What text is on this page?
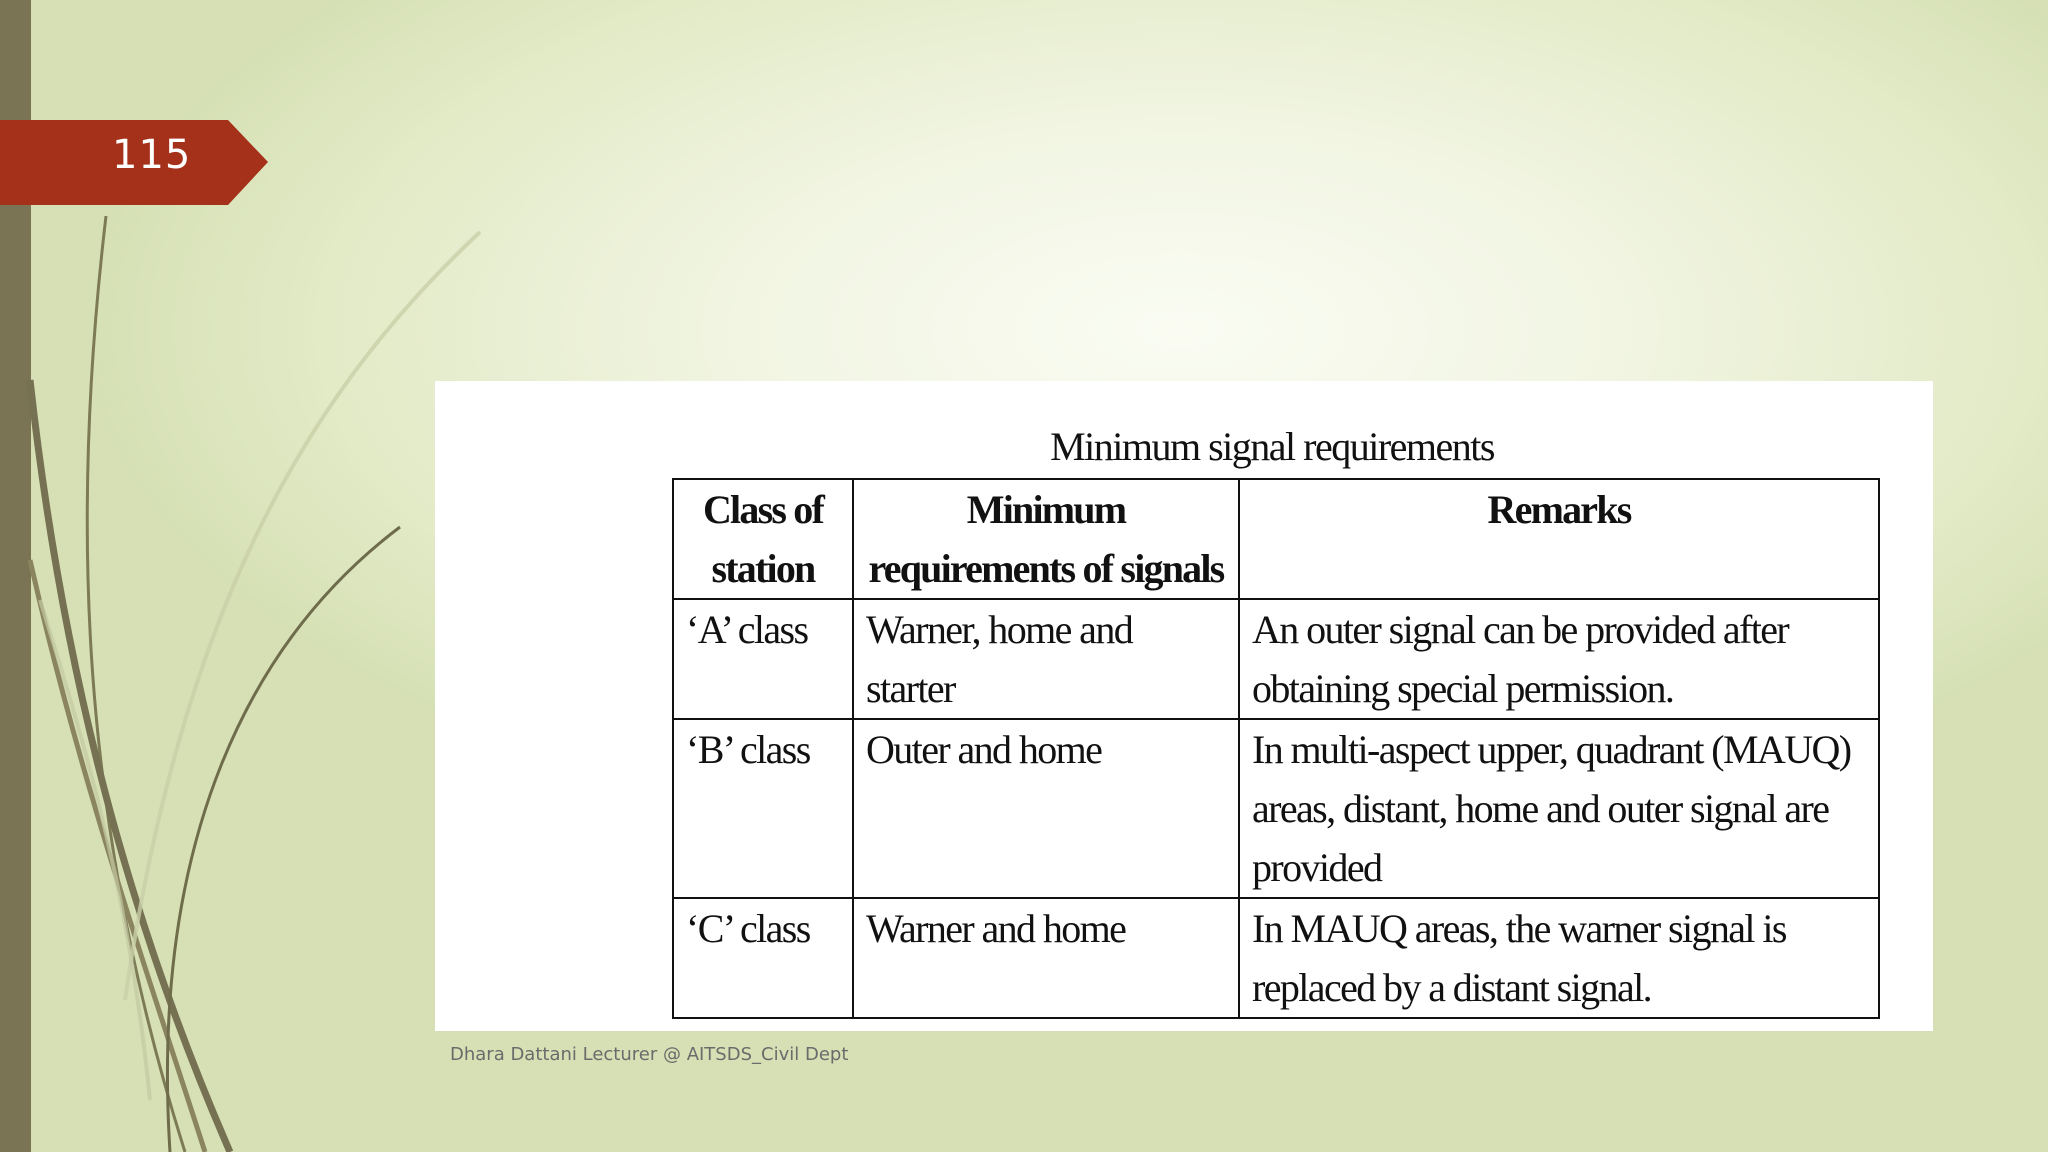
115
Minimum signal requirements
Class of station	Minimum requirements of signals	Remarks
‘A’ class	Warner, home and starter	An outer signal can be provided after obtaining special permission.
‘B’ class	Outer and home	In multi-aspect upper, quadrant (MAUQ) areas, distant, home and outer signal are provided
‘C’ class	Warner and home	In MAUQ areas, the warner signal is replaced by a distant signal.
Dhara Dattani Lecturer @ AITSDS_Civil Dept
